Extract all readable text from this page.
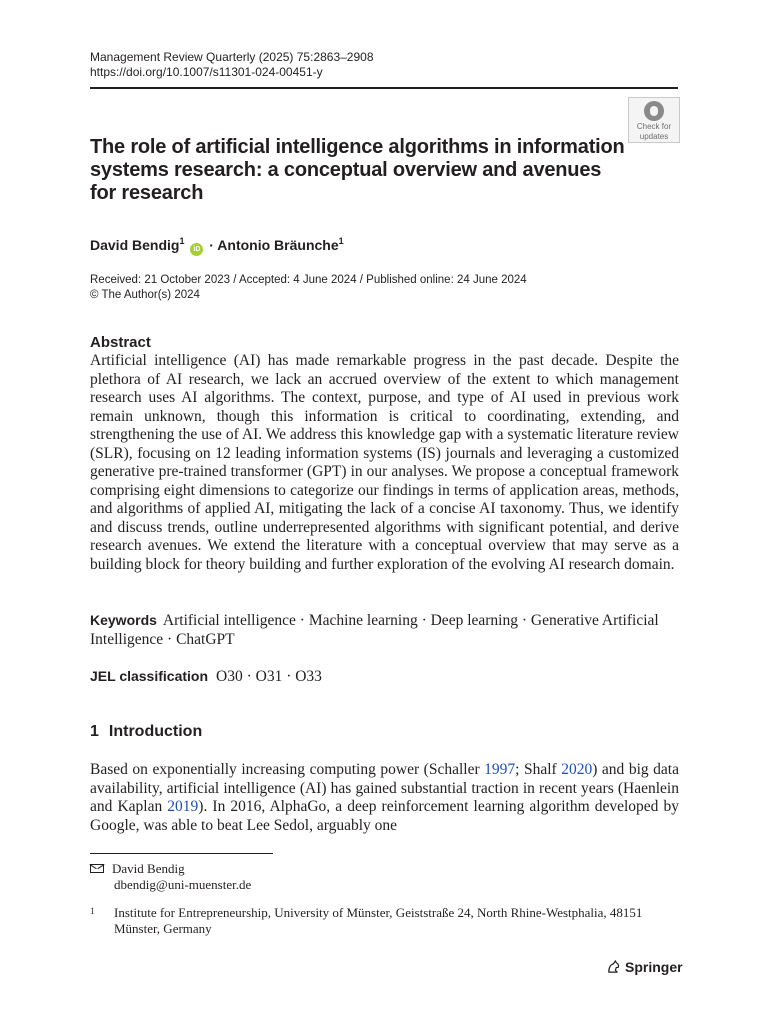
Management Review Quarterly (2025) 75:2863–2908
https://doi.org/10.1007/s11301-024-00451-y
Check for
updates
The role of artificial intelligence algorithms in information systems research: a conceptual overview and avenues for research
David Bendig$^1$ iD · Antonio Bräunche$^1$
Received: 21 October 2023 / Accepted: 4 June 2024 / Published online: 24 June 2024
© The Author(s) 2024
Abstract
Artificial intelligence (AI) has made remarkable progress in the past decade. Despite the plethora of AI research, we lack an accrued overview of the extent to which management research uses AI algorithms. The context, purpose, and type of AI used in previous work remain unknown, though this information is critical to coordinating, extending, and strengthening the use of AI. We address this knowledge gap with a systematic literature review (SLR), focusing on 12 leading information systems (IS) journals and leveraging a customized generative pre-trained transformer (GPT) in our analyses. We propose a conceptual framework comprising eight dimensions to categorize our findings in terms of application areas, methods, and algorithms of applied AI, mitigating the lack of a concise AI taxonomy. Thus, we identify and discuss trends, outline underrepresented algorithms with significant potential, and derive research avenues. We extend the literature with a conceptual overview that may serve as a building block for theory building and further exploration of the evolving AI research domain.
Keywords Artificial intelligence · Machine learning · Deep learning · Generative Artificial Intelligence · ChatGPT
JEL classification O30 · O31 · O33
1 Introduction
Based on exponentially increasing computing power (Schaller 1997; Shalf 2020) and big data availability, artificial intelligence (AI) has gained substantial traction in recent years (Haenlein and Kaplan 2019). In 2016, AlphaGo, a deep reinforcement learning algorithm developed by Google, was able to beat Lee Sedol, arguably one
David Bendig
dbendig@uni-muenster.de
1	Institute for Entrepreneurship, University of Münster, Geiststraße 24, North Rhine-Westphalia, 48151 Münster, Germany
Springer
